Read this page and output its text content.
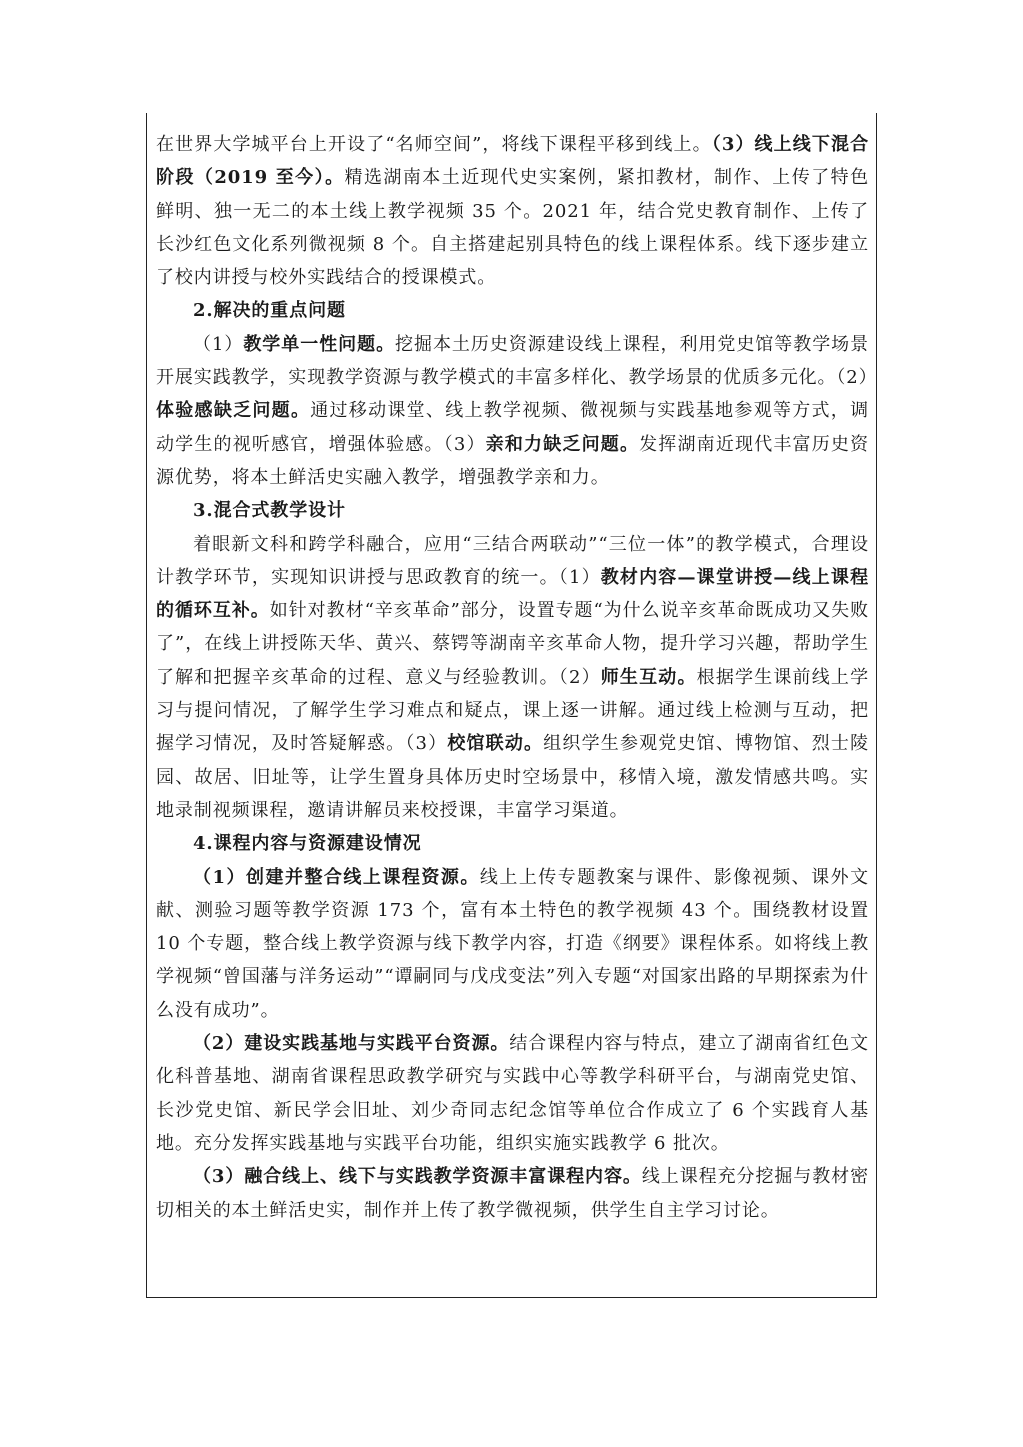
在世界大学城平台上开设了“名师空间”，将线下课程平移到线上。（3）线上线下混合阶段（2019 至今）。精选湖南本土近现代史实案例，紧扣教材，制作、上传了特色鲜明、独一无二的本土线上教学视频 35 个。2021 年，结合党史教育制作、上传了长沙红色文化系列微视频 8 个。自主搭建起别具特色的线上课程体系。线下逐步建立了校内讲授与校外实践结合的授课模式。

2.解决的重点问题

（1）教学单一性问题。挖掘本土历史资源建设线上课程，利用党史馆等教学场景开展实践教学，实现教学资源与教学模式的丰富多样化、教学场景的优质多元化。（2）体验感缺乏问题。通过移动课堂、线上教学视频、微视频与实践基地参观等方式，调动学生的视听感官，增强体验感。（3）亲和力缺乏问题。发挥湖南近现代丰富历史资源优势，将本土鲜活史实融入教学，增强教学亲和力。

3.混合式教学设计

着眼新文科和跨学科融合，应用“三结合两联动”“三位一体”的教学模式，合理设计教学环节，实现知识讲授与思政教育的统一。（1）教材内容—课堂讲授—线上课程的循环互补。如针对教材“辛亥革命”部分，设置专题“为什么说辛亥革命既成功又失败了”，在线上讲授陈天华、黄兴、蔡锷等湖南辛亥革命人物，提升学习兴趣，帮助学生了解和把握辛亥革命的过程、意义与经验教训。（2）师生互动。根据学生课前线上学习与提问情况，了解学生学习难点和疑点，课上逐一讲解。通过线上检测与互动，把握学习情况，及时答疑解惑。（3）校馆联动。组织学生参观党史馆、博物馆、烈士陵园、故居、旧址等，让学生置身具体历史时空场景中，移情入境，激发情感共鸣。实地录制视频课程，邀请讲解员来校授课，丰富学习渠道。

4.课程内容与资源建设情况

（1）创建并整合线上课程资源。线上上传专题教案与课件、影像视频、课外文献、测验习题等教学资源 173 个，富有本土特色的教学视频 43 个。围绕教材设置 10 个专题，整合线上教学资源与线下教学内容，打造《纲要》课程体系。如将线上教学视频“曾国藩与洋务运动”“谭嗣同与戊戌变法”列入专题“对国家出路的早期探索为什么没有成功”。

（2）建设实践基地与实践平台资源。结合课程内容与特点，建立了湖南省红色文化科普基地、湖南省课程思政教学研究与实践中心等教学科研平台，与湖南党史馆、长沙党史馆、新民学会旧址、刘少奇同志纪念馆等单位合作成立了 6 个实践育人基地。充分发挥实践基地与实践平台功能，组织实施实践教学 6 批次。

（3）融合线上、线下与实践教学资源丰富课程内容。线上课程充分挖掘与教材密切相关的本土鲜活史实，制作并上传了教学微视频，供学生自主学习讨论。
